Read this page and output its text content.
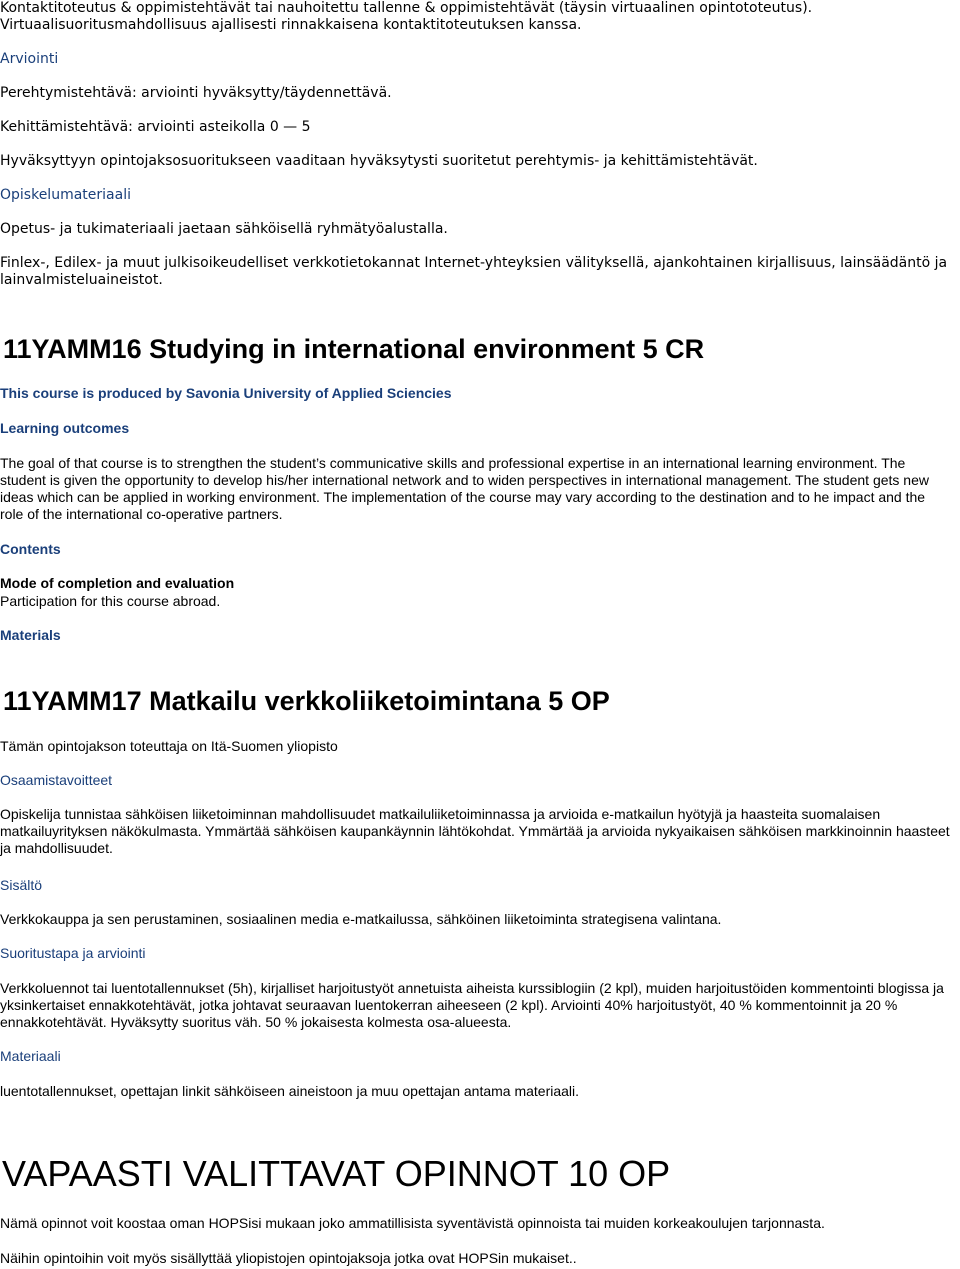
Kontaktitoteutus & oppimistehtävät tai nauhoitettu tallenne & oppimistehtävät (täysin virtuaalinen opintototeutus). Virtuaalisuoritusmahdollisuus ajallisesti rinnakkaisena kontaktitoteutuksen kanssa.

Arviointi

Perehtymistehtävä: arviointi hyväksytty/täydennettävä.

Kehittämistehtävä: arviointi asteikolla 0 — 5

Hyväksyttyyn opintojaksosuoritukseen vaaditaan hyväksytysti suoritetut perehtymis- ja kehittämistehtävät.

Opiskelumateriaali

Opetus- ja tukimateriaali jaetaan sähköisellä ryhmätyöalustalla.

Finlex-, Edilex- ja muut julkisoikeudelliset verkkotietokannat Internet-yhteyksien välityksellä, ajankohtainen kirjallisuus, lainsäädäntö ja lainvalmisteluaineistot.

11YAMM16 Studying in international environment 5 CR

This course is produced by Savonia University of Applied Sciencies

Learning outcomes

The goal of that course is to strengthen the student’s communicative skills and professional expertise in an international learning environment. The student is given the opportunity to develop his/her international network and to widen perspectives in international management. The student gets new ideas which can be applied in working environment. The implementation of the course may vary according to the destination and to he impact and the role of the international co-operative partners.

Contents

Mode of completion and evaluation

Participation for this course abroad.

Materials

11YAMM17 Matkailu verkkoliiketoimintana 5 OP

Tämän opintojakson toteuttaja on Itä-Suomen yliopisto

Osaamistavoitteet

Opiskelija tunnistaa sähköisen liiketoiminnan mahdollisuudet matkailuliiketoiminnassa ja arvioida e-matkailun hyötyjä ja haasteita suomalaisen matkailuyrityksen näkökulmasta. Ymmärtää sähköisen kaupankäynnin lähtökohdat. Ymmärtää ja arvioida nykyaikaisen sähköisen markkinoinnin haasteet ja mahdollisuudet.

Sisältö

Verkkokauppa ja sen perustaminen, sosiaalinen media e-matkailussa, sähköinen liiketoiminta strategisena valintana.

Suoritustapa ja arviointi

Verkkoluennot tai luentotallennukset (5h), kirjalliset harjoitustyöt annetuista aiheista kurssiblogiin (2 kpl), muiden harjoitustöiden kommentointi blogissa ja yksinkertaiset ennakkotehtävät, jotka johtavat seuraavan luentokerran aiheeseen (2 kpl). Arviointi 40% harjoitustyöt, 40 % kommentoinnit ja 20 % ennakkotehtävät. Hyväksytty suoritus väh. 50 % jokaisesta kolmesta osa-alueesta.

Materiaali

luentotallennukset, opettajan linkit sähköiseen aineistoon ja muu opettajan antama materiaali.

VAPAASTI VALITTAVAT OPINNOT 10 OP

Nämä opinnot voit koostaa oman HOPSisi mukaan joko ammatillisista syventävistä opinnoista tai muiden korkeakoulujen tarjonnasta.

Näihin opintoihin voit myös sisällyttää yliopistojen opintojaksoja jotka ovat HOPSin mukaiset..
